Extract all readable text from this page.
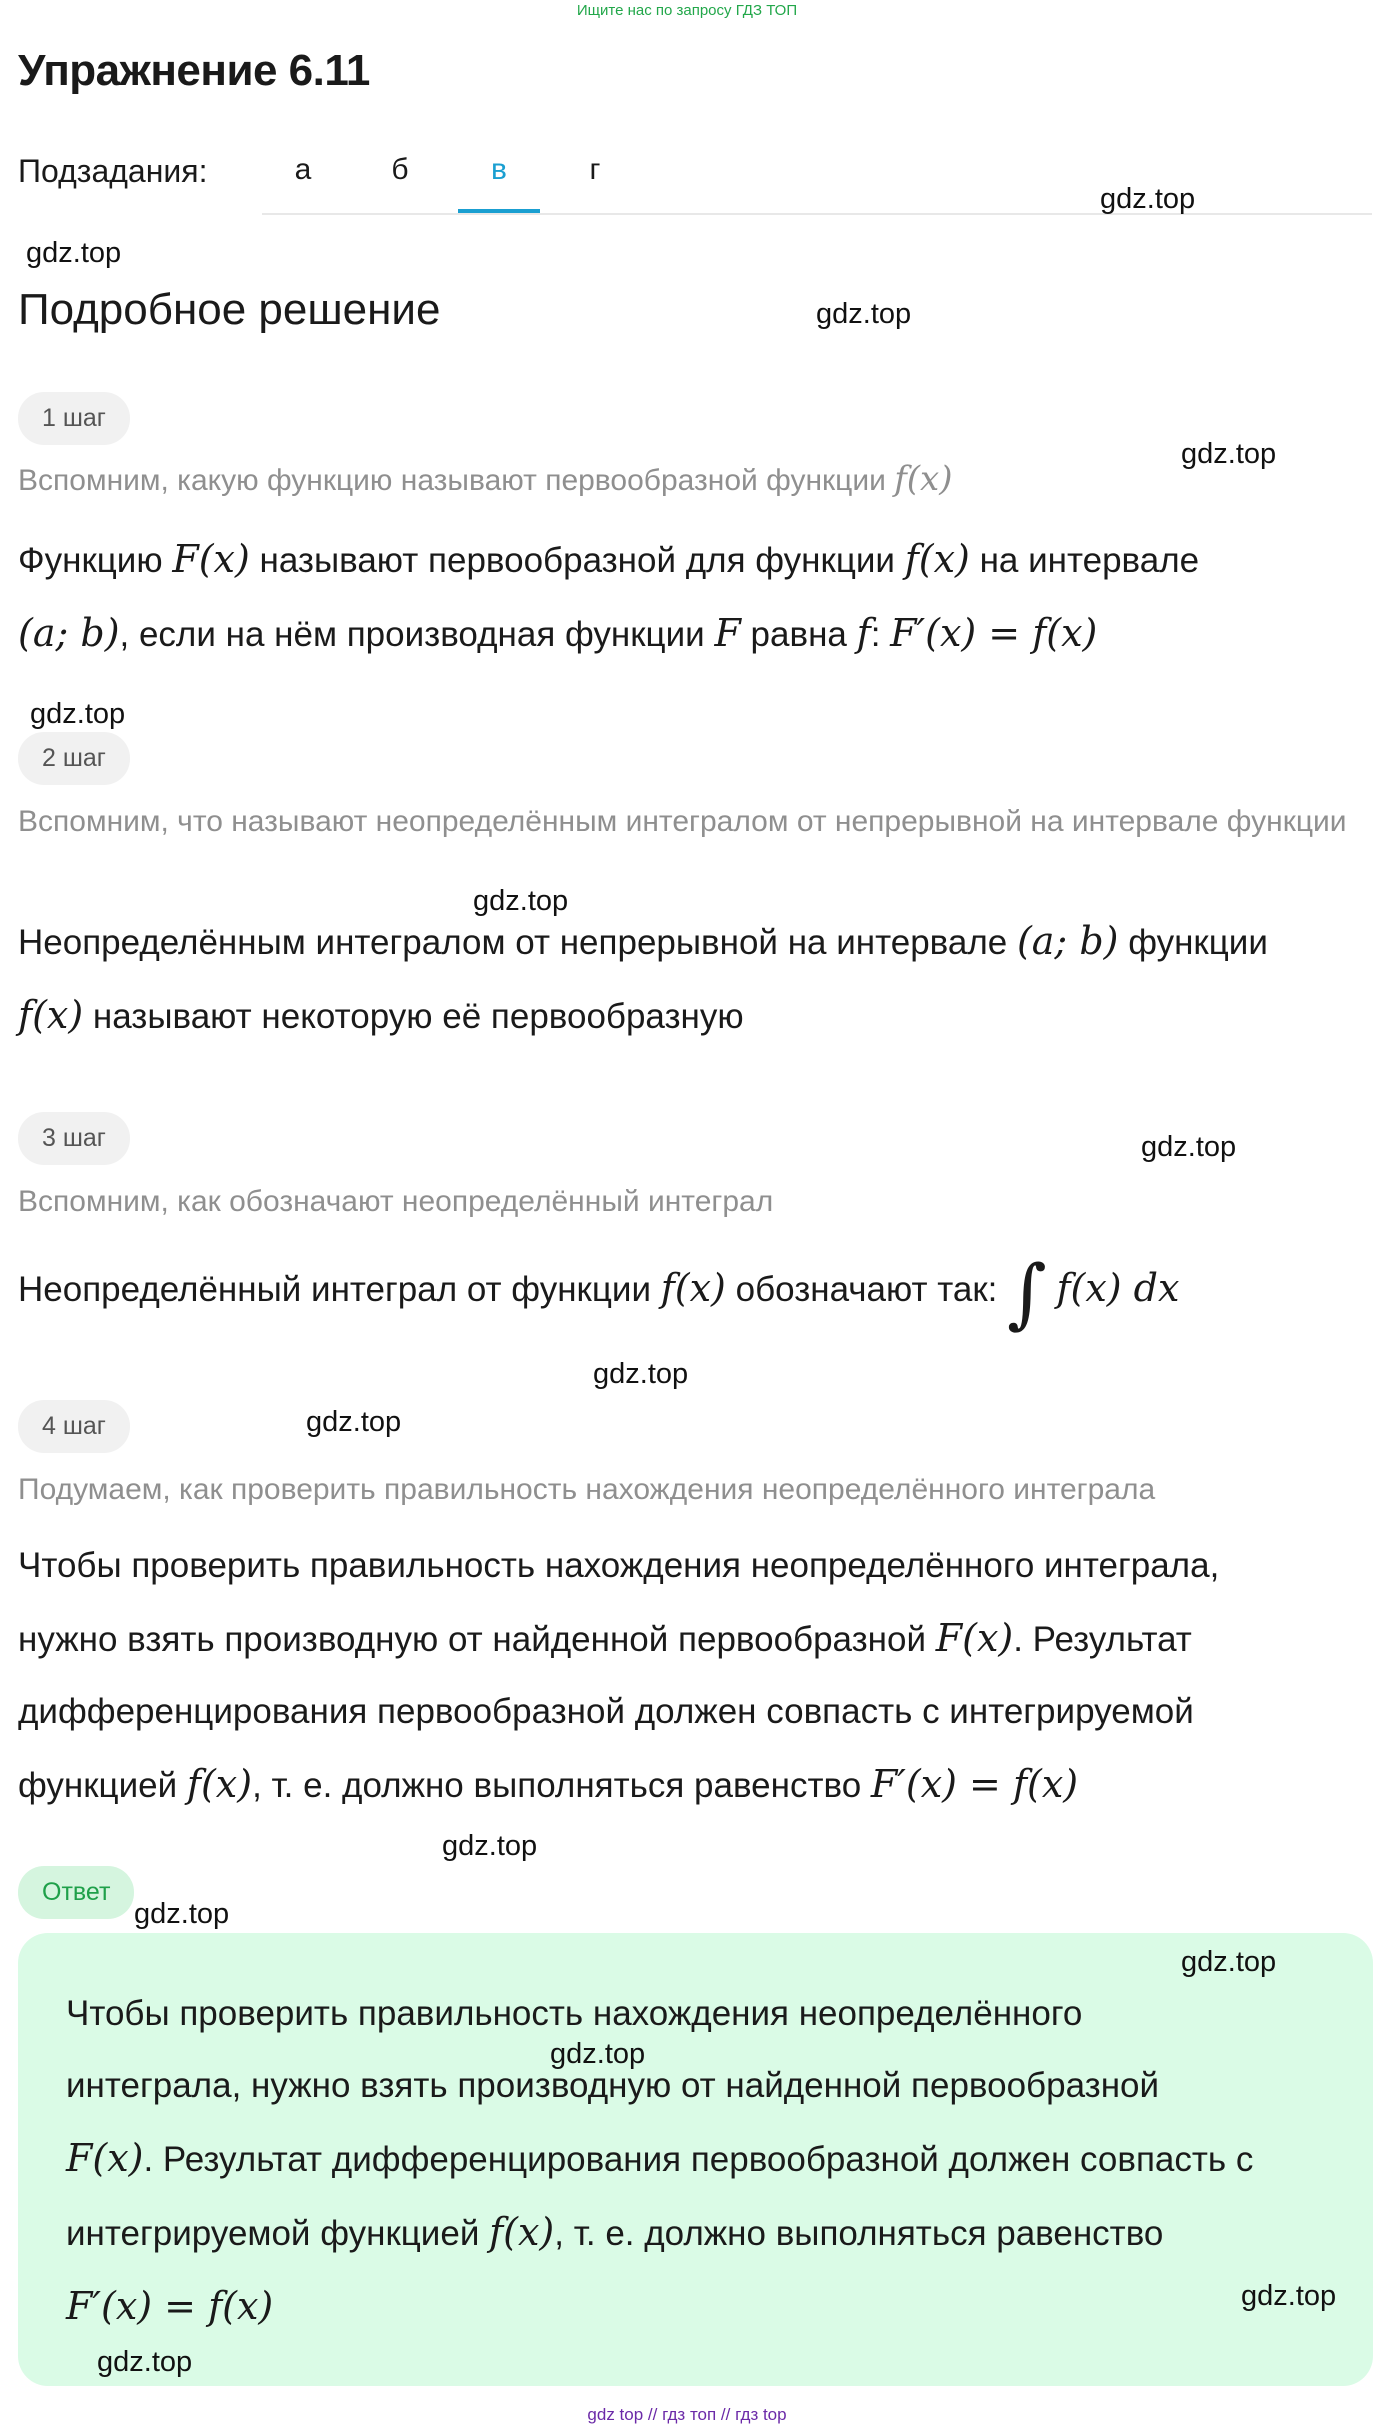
Ищите нас по запросу ГДЗ ТОП
Упражнение 6.11
Подзадания:	а	б	в	г
Подробное решение
1 шаг
Вспомним, какую функцию называют первообразной функции f(x)
Функцию F(x) называют первообразной для функции f(x) на интервале
(a; b), если на нём производная функции F равна f: F′(x) = f(x)
2 шаг
Вспомним, что называют неопределённым интегралом от непрерывной на интервале функции
Неопределённым интегралом от непрерывной на интервале (a; b) функции
f(x) называют некоторую её первообразную
3 шаг
Вспомним, как обозначают неопределённый интеграл
Неопределённый интеграл от функции f(x) обозначают так: ∫ f(x) dx
4 шаг
Подумаем, как проверить правильность нахождения неопределённого интеграла
Чтобы проверить правильность нахождения неопределённого интеграла,
нужно взять производную от найденной первообразной F(x). Результат
дифференцирования первообразной должен совпасть с интегрируемой
функцией f(x), т. е. должно выполняться равенство F′(x) = f(x)
Ответ
Чтобы проверить правильность нахождения неопределённого
интеграла, нужно взять производную от найденной первообразной
F(x). Результат дифференцирования первообразной должен совпасть с
интегрируемой функцией f(x), т. е. должно выполняться равенство
F′(x) = f(x)
gdz.top
gdz.top
gdz.top
gdz.top
gdz.top
gdz.top
gdz.top
gdz.top
gdz.top
gdz.top
gdz.top
gdz.top
gdz.top
gdz.top
gdz.top
gdz top // гдз топ // гдз top
